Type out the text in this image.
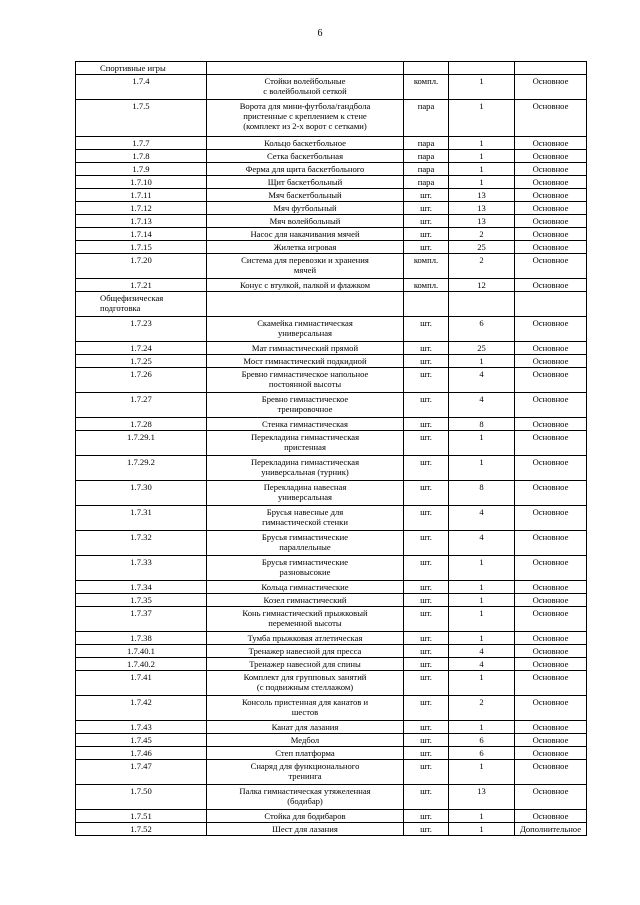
6
Спортивные игры				
1.7.4	Стойки волейбольные
с волейбольной сеткой	компл.	1	Основное
1.7.5	Ворота для мини-футбола/гандбола
пристенные с креплением к стене
(комплект из 2-х ворот с сетками)	пара	1	Основное
1.7.7	Кольцо баскетбольное	пара	1	Основное
1.7.8	Сетка баскетбольная	пара	1	Основное
1.7.9	Ферма для щита баскетбольного	пара	1	Основное
1.7.10	Щит баскетбольный	пара	1	Основное
1.7.11	Мяч баскетбольный	шт.	13	Основное
1.7.12	Мяч футбольный	шт.	13	Основное
1.7.13	Мяч волейбольный	шт.	13	Основное
1.7.14	Насос для накачивания мячей	шт.	2	Основное
1.7.15	Жилетка игровая	шт.	25	Основное
1.7.20	Система для перевозки и хранения
мячей	компл.	2	Основное
1.7.21	Конус с втулкой, палкой и флажком	компл.	12	Основное
Общефизическая
подготовка				
1.7.23	Скамейка гимнастическая
универсальная	шт.	6	Основное
1.7.24	Мат гимнастический прямой	шт.	25	Основное
1.7.25	Мост гимнастический подкидной	шт.	1	Основное
1.7.26	Бревно гимнастическое напольное
постоянной высоты	шт.	4	Основное
1.7.27	Бревно гимнастическое
тренировочное	шт.	4	Основное
1.7.28	Стенка гимнастическая	шт.	8	Основное
1.7.29.1	Перекладина гимнастическая
пристенная	шт.	1	Основное
1.7.29.2	Перекладина гимнастическая
универсальная (турник)	шт.	1	Основное
1.7.30	Перекладина навесная
универсальная	шт.	8	Основное
1.7.31	Брусья навесные для
гимнастической стенки	шт.	4	Основное
1.7.32	Брусья гимнастические
параллельные	шт.	4	Основное
1.7.33	Брусья гимнастические
разновысокие	шт.	1	Основное
1.7.34	Кольца гимнастические	шт.	1	Основное
1.7.35	Козел гимнастический	шт.	1	Основное
1.7.37	Конь гимнастический прыжковый
переменной высоты	шт.	1	Основное
1.7.38	Тумба прыжковая атлетическая	шт.	1	Основное
1.7.40.1	Тренажер навесной для пресса	шт.	4	Основное
1.7.40.2	Тренажер навесной для спины	шт.	4	Основное
1.7.41	Комплект для групповых занятий
(с подвижным стеллажом)	шт.	1	Основное
1.7.42	Консоль пристенная для канатов и
шестов	шт.	2	Основное
1.7.43	Канат для лазания	шт.	1	Основное
1.7.45	Медбол	шт.	6	Основное
1.7.46	Степ платформа	шт.	6	Основное
1.7.47	Снаряд для функционального
тренинга	шт.	1	Основное
1.7.50	Палка гимнастическая утяжеленная
(бодибар)	шт.	13	Основное
1.7.51	Стойка для бодибаров	шт.	1	Основное
1.7.52	Шест для лазания	шт.	1	Дополнительное
